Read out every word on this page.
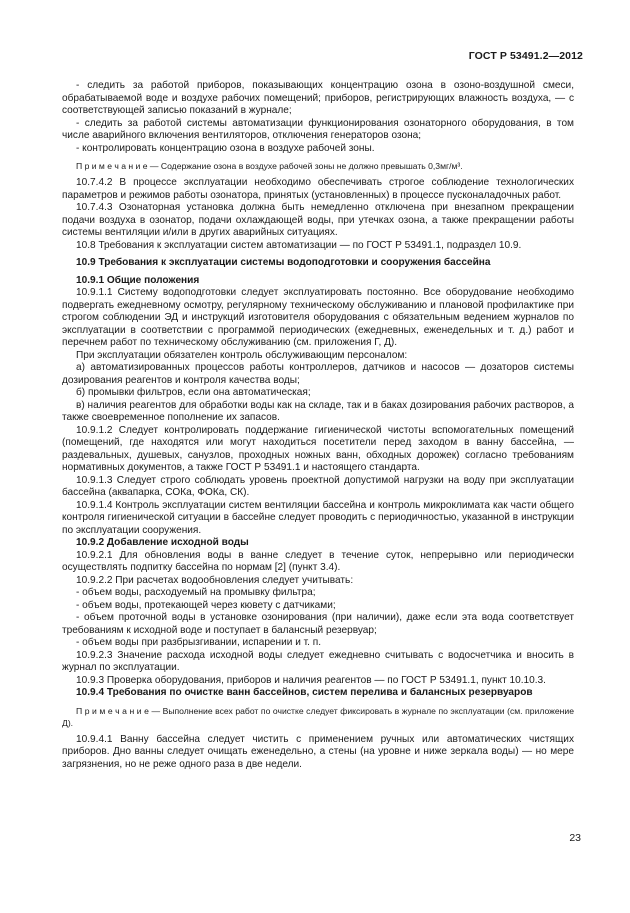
ГОСТ Р 53491.2—2012

- следить за работой приборов, показывающих концентрацию озона в озоно-воздушной смеси, обрабатываемой воде и воздухе рабочих помещений; приборов, регистрирующих влажность воздуха, — с соответствующей записью показаний в журнале;

- следить за работой системы автоматизации функционирования озонаторного оборудования, в том числе аварийного включения вентиляторов, отключения генераторов озона;

- контролировать концентрацию озона в воздухе рабочей зоны.

П р и м е ч а н и е — Содержание озона в воздухе рабочей зоны не должно превышать 0,3мг/м³.

10.7.4.2 В процессе эксплуатации необходимо обеспечивать строгое соблюдение технологических параметров и режимов работы озонатора, принятых (установленных) в процессе пусконаладочных работ.

10.7.4.3 Озонаторная установка должна быть немедленно отключена при внезапном прекращении подачи воздуха в озонатор, подачи охлаждающей воды, при утечках озона, а также прекращении работы системы вентиляции и/или в других аварийных ситуациях.

10.8 Требования к эксплуатации систем автоматизации — по ГОСТ Р 53491.1, подраздел 10.9.

10.9 Требования к эксплуатации системы водоподготовки и сооружения бассейна

10.9.1 Общие положения

10.9.1.1 Систему водоподготовки следует эксплуатировать постоянно. Все оборудование необходимо подвергать ежедневному осмотру, регулярному техническому обслуживанию и плановой профилактике при строгом соблюдении ЭД и инструкций изготовителя оборудования с обязательным ведением журналов по эксплуатации в соответствии с программой периодических (ежедневных, еженедельных и т. д.) работ и перечнем работ по техническому обслуживанию (см. приложения Г, Д).

При эксплуатации обязателен контроль обслуживающим персоналом:

а) автоматизированных процессов работы контроллеров, датчиков и насосов — дозаторов системы дозирования реагентов и контроля качества воды;

б) промывки фильтров, если она автоматическая;

в) наличия реагентов для обработки воды как на складе, так и в баках дозирования рабочих растворов, а также своевременное пополнение их запасов.

10.9.1.2 Следует контролировать поддержание гигиенической чистоты вспомогательных помещений (помещений, где находятся или могут находиться посетители перед заходом в ванну бассейна, — раздевальных, душевых, санузлов, проходных ножных ванн, обходных дорожек) согласно требованиям нормативных документов, а также ГОСТ Р 53491.1 и настоящего стандарта.

10.9.1.3 Следует строго соблюдать уровень проектной допустимой нагрузки на воду при эксплуатации бассейна (аквапарка, СОКа, ФОКа, СК).

10.9.1.4 Контроль эксплуатации систем вентиляции бассейна и контроль микроклимата как части общего контроля гигиенической ситуации в бассейне следует проводить с периодичностью, указанной в инструкции по эксплуатации сооружения.

10.9.2 Добавление исходной воды

10.9.2.1 Для обновления воды в ванне следует в течение суток, непрерывно или периодически осуществлять подпитку бассейна по нормам [2] (пункт 3.4).

10.9.2.2 При расчетах водообновления следует учитывать:

- объем воды, расходуемый на промывку фильтра;

- объем воды, протекающей через кювету с датчиками;

- объем проточной воды в установке озонирования (при наличии), даже если эта вода соответствует требованиям к исходной воде и поступает в балансный резервуар;

- объем воды при разбрызгивании, испарении и т. п.

10.9.2.3 Значение расхода исходной воды следует ежедневно считывать с водосчетчика и вносить в журнал по эксплуатации.

10.9.3 Проверка оборудования, приборов и наличия реагентов — по ГОСТ Р 53491.1, пункт 10.10.3.

10.9.4 Требования по очистке ванн бассейнов, систем перелива и балансных резервуаров

П р и м е ч а н и е — Выполнение всех работ по очистке следует фиксировать в журнале по эксплуатации (см. приложение Д).

10.9.4.1 Ванну бассейна следует чистить с применением ручных или автоматических чистящих приборов. Дно ванны следует очищать еженедельно, а стены (на уровне и ниже зеркала воды) — но мере загрязнения, но не реже одного раза в две недели.

23
